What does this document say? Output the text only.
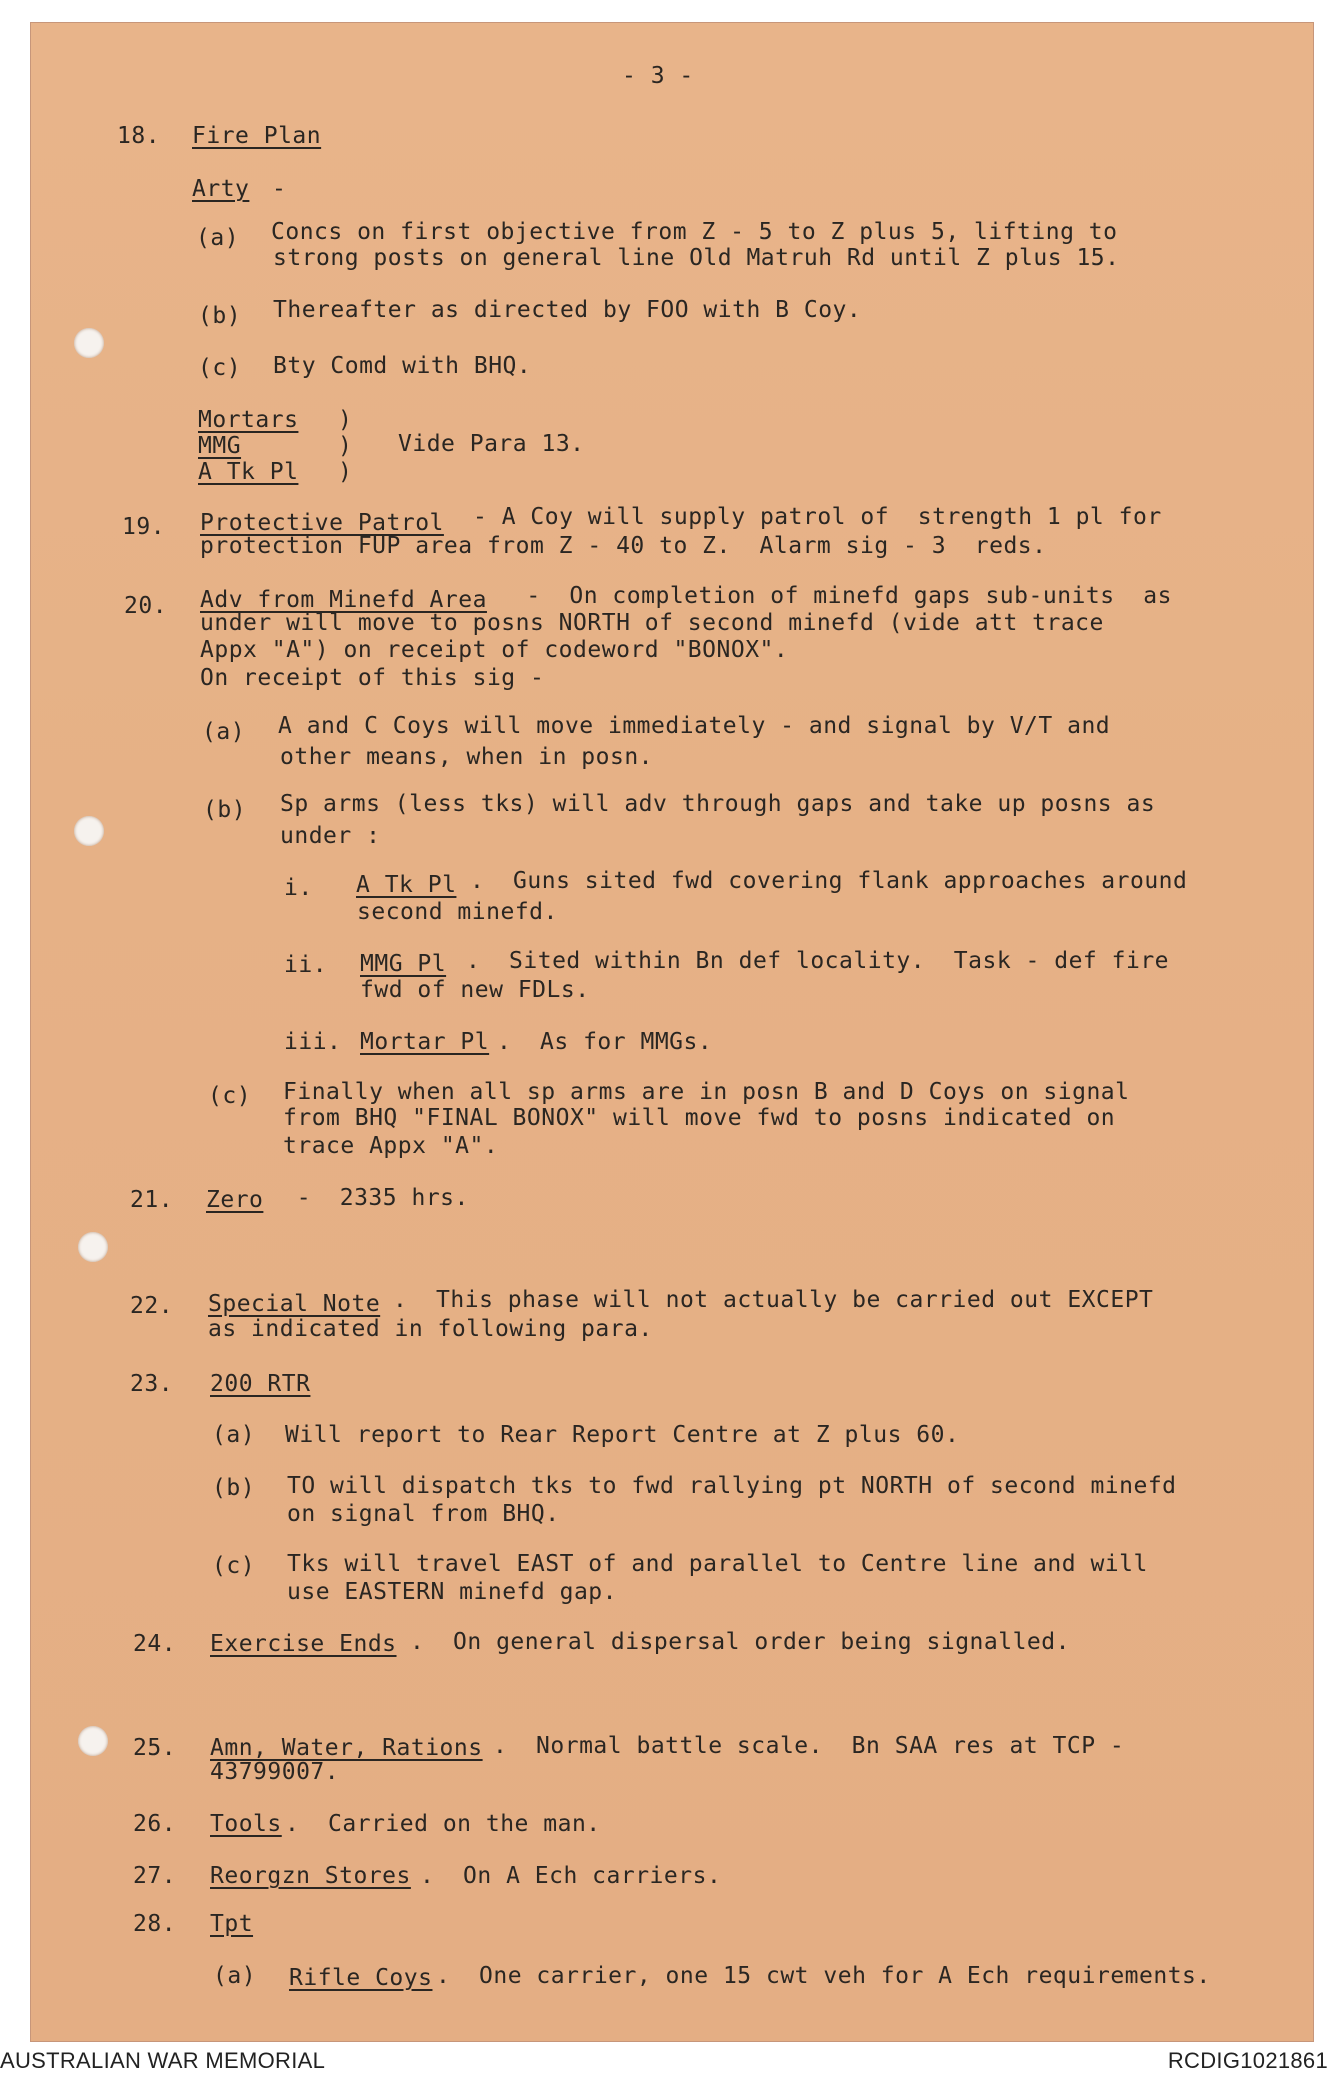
- 3 -
18. Fire Plan
Arty -
(a) Concs on first objective from Z - 5 to Z plus 5, lifting to
strong posts on general line Old Matruh Rd until Z plus 15.
(b) Thereafter as directed by FOO with B Coy.
(c) Bty Comd with BHQ.
Mortars
MMG
A Tk Pl
)
)
)
Vide Para 13.
19. Protective Patrol - A Coy will supply patrol of  strength 1 pl for
protection FUP area from Z - 40 to Z.  Alarm sig - 3  reds.
20. Adv from Minefd Area -  On completion of minefd gaps sub-units  as
under will move to posns NORTH of second minefd (vide att trace
Appx "A") on receipt of codeword "BONOX".
On receipt of this sig -
(a) A and C Coys will move immediately - and signal by V/T and
other means, when in posn.
(b) Sp arms (less tks) will adv through gaps and take up posns as
under :
i. A Tk Pl .  Guns sited fwd covering flank approaches around
second minefd.
ii. MMG Pl .  Sited within Bn def locality.  Task - def fire
fwd of new FDLs.
iii. Mortar Pl .  As for MMGs.
(c) Finally when all sp arms are in posn B and D Coys on signal
from BHQ "FINAL BONOX" will move fwd to posns indicated on
trace Appx "A".
21. Zero -  2335 hrs.
22. Special Note .  This phase will not actually be carried out EXCEPT
as indicated in following para.
23. 200 RTR
(a) Will report to Rear Report Centre at Z plus 60.
(b) TO will dispatch tks to fwd rallying pt NORTH of second minefd
on signal from BHQ.
(c) Tks will travel EAST of and parallel to Centre line and will
use EASTERN minefd gap.
24. Exercise Ends .  On general dispersal order being signalled.
25. Amn, Water, Rations .  Normal battle scale.  Bn SAA res at TCP -
43799007.
26. Tools .  Carried on the man.
27. Reorgzn Stores .  On A Ech carriers.
28. Tpt
(a) Rifle Coys .  One carrier, one 15 cwt veh for A Ech requirements.
AUSTRALIAN WAR MEMORIAL	RCDIG1021861
